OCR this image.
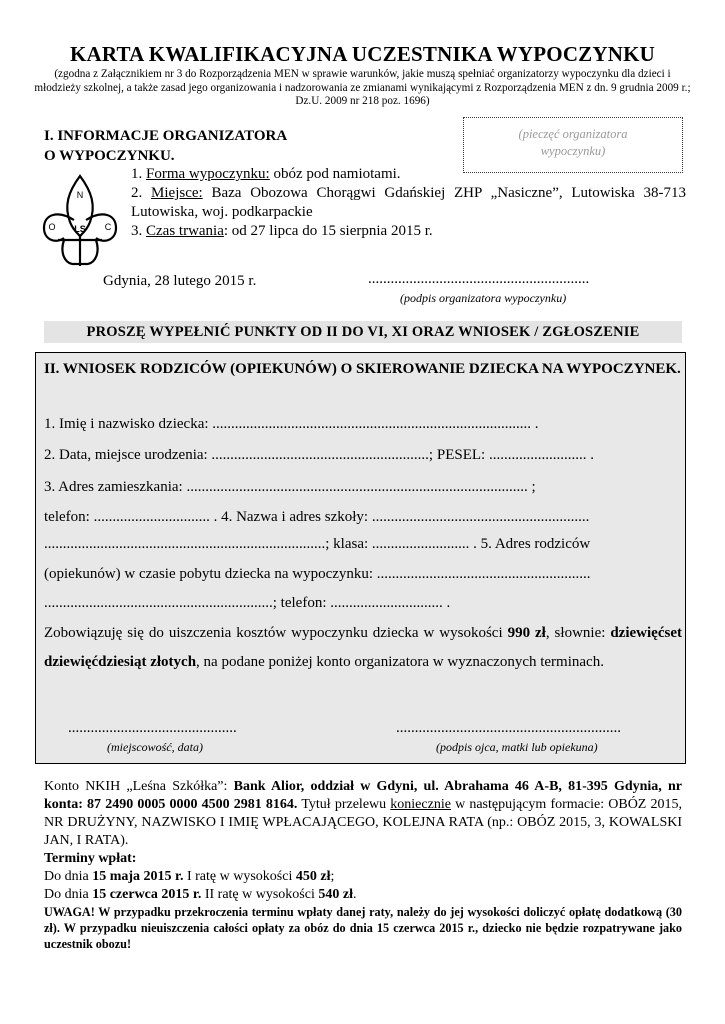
KARTA KWALIFIKACYJNA UCZESTNIKA WYPOCZYNKU
(zgodna z Załącznikiem nr 3 do Rozporządzenia MEN w sprawie warunków, jakie muszą spełniać organizatorzy wypoczynku dla dzieci i młodzieży szkolnej, a także zasad jego organizowania i nadzorowania ze zmianami wynikającymi z Rozporządzenia MEN z dn. 9 grudnia 2009 r.; Dz.U. 2009 nr 218 poz. 1696)
I. INFORMACJE ORGANIZATORA
O WYPOCZYNKU.
(pieczęć organizatora
wypoczynku)
N
O	C
LS

1. Forma wypoczynku: obóz pod namiotami.

2. Miejsce: Baza Obozowa Chorągwi Gdańskiej ZHP „Nasiczne”, Lutowiska 38-713 Lutowiska, woj. podkarpackie

3. Czas trwania: od 27 lipca do 15 sierpnia 2015 r.

Gdynia, 28 lutego 2015 r.	...........................................................
(podpis organizatora wypoczynku)
PROSZĘ WYPEŁNIĆ PUNKTY OD II DO VI, XI ORAZ WNIOSEK / ZGŁOSZENIE
II. WNIOSEK RODZICÓW (OPIEKUNÓW) O SKIEROWANIE DZIECKA NA WYPOCZYNEK.
1. Imię i nazwisko dziecka: ..................................................................................... .
2. Data, miejsce urodzenia: ..........................................................; PESEL: .......................... .
3. Adres zamieszkania: ........................................................................................... ;
telefon: ............................... . 4. Nazwa i adres szkoły: ..........................................................
...........................................................................; klasa: .......................... . 5. Adres rodziców
(opiekunów) w czasie pobytu dziecka na wypoczynku: .........................................................
.............................................................; telefon: .............................. .
Zobowiązuję się do uiszczenia kosztów wypoczynku dziecka w wysokości 990 zł, słownie: dziewięćset dziewięćdziesiąt złotych, na podane poniżej konto organizatora w wyznaczonych terminach.
.............................................
(miejscowość, data)
............................................................
(podpis ojca, matki lub opiekuna)

Konto NKIH „Leśna Szkółka”: Bank Alior, oddział w Gdyni, ul. Abrahama 46 A-B, 81-395 Gdynia, nr konta: 87 2490 0005 0000 4500 2981 8164. Tytuł przelewu koniecznie w następującym formacie: OBÓZ 2015, NR DRUŻYNY, NAZWISKO I IMIĘ WPŁACAJĄCEGO, KOLEJNA RATA (np.: OBÓZ 2015, 3, KOWALSKI JAN, I RATA).

Terminy wpłat:

Do dnia 15 maja 2015 r. I ratę w wysokości 450 zł;

Do dnia 15 czerwca 2015 r. II ratę w wysokości 540 zł.

UWAGA! W przypadku przekroczenia terminu wpłaty danej raty, należy do jej wysokości doliczyć opłatę dodatkową (30 zł). W przypadku nieuiszczenia całości opłaty za obóz do dnia 15 czerwca 2015 r., dziecko nie będzie rozpatrywane jako uczestnik obozu!
